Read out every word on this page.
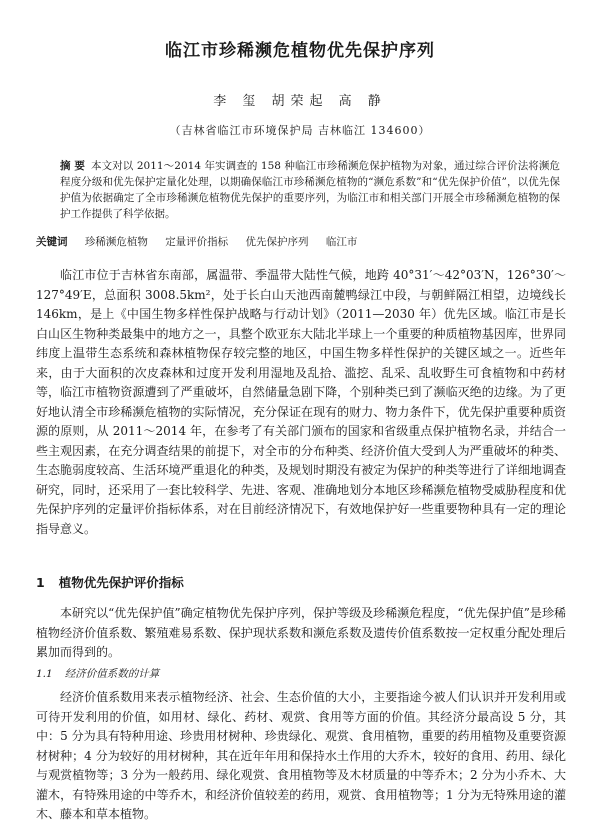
临江市珍稀濒危植物优先保护序列
李 玺 胡荣起 高 静
（吉林省临江市环境保护局 吉林临江 134600）
摘 要 本文对以 2011～2014 年实调查的 158 种临江市珍稀濒危保护植物为对象，通过综合评价法将濒危程度分级和优先保护定量化处理，以期确保临江市珍稀濒危植物的“濒危系数”和“优先保护价值”，以优先保护值为依据确定了全市珍稀濒危植物优先保护的重要序列，为临江市和相关部门开展全市珍稀濒危植物的保护工作提供了科学依据。
关键词 珍稀濒危植物 定量评价指标 优先保护序列 临江市
临江市位于吉林省东南部，属温带、季温带大陆性气候，地跨 40°31′～42°03′N，126°30′～127°49′E，总面积 3008.5km²，处于长白山天池西南麓鸭绿江中段，与朝鲜隔江相望，边境线长 146km，是上《中国生物多样性保护战略与行动计划》（2011—2030 年）优先区域。临江市是长白山区生物种类最集中的地方之一，具整个欧亚东大陆北半球上一个重要的种质植物基因库，世界同纬度上温带生态系统和森林植物保存较完整的地区，中国生物多样性保护的关键区域之一。近些年来，由于大面积的次皮森林和过度开发利用湿地及乱拾、滥挖、乱采、乱收野生可食植物和中药材等，临江市植物资源遭到了严重破坏，自然储量急剧下降，个别种类已到了濒临灭绝的边缘。为了更好地认清全市珍稀濒危植物的实际情况，充分保证在现有的财力、物力条件下，优先保护重要种质资源的原则，从 2011～2014 年，在参考了有关部门颁布的国家和省级重点保护植物名录，并结合一些主观因素，在充分调查结果的前提下，对全市的分布种类、经济价值大受到人为严重破坏的种类、生态脆弱度较高、生活环境严重退化的种类，及规划时期没有被定为保护的种类等进行了详细地调查研究，同时，还采用了一套比较科学、先进、客观、准确地划分本地区珍稀濒危植物受威胁程度和优先保护序列的定量评价指标体系，对在目前经济情况下，有效地保护好一些重要物种具有一定的理论指导意义。
1 植物优先保护评价指标
本研究以“优先保护值”确定植物优先保护序列，保护等级及珍稀濒危程度，“优先保护值”是珍稀植物经济价值系数、繁殖难易系数、保护现状系数和濒危系数及遗传价值系数按一定权重分配处理后累加而得到的。
1.1 经济价值系数的计算
经济价值系数用来表示植物经济、社会、生态价值的大小，主要指途今被人们认识并开发利用或可待开发利用的价值，如用材、绿化、药材、观赏、食用等方面的价值。其经济分最高设 5 分，其中：5 分为具有特种用途、珍贵用材树种、珍贵绿化、观赏、食用植物，重要的药用植物及重要资源材树种；4 分为较好的用材树种，其在近年年用和保持水土作用的大乔木，较好的食用、药用、绿化与观赏植物等；3 分为一般药用、绿化观赏、食用植物等及木材质量的中等乔木；2 分为小乔木、大灌木，有特殊用途的中等乔木，和经济价值较差的药用，观赏、食用植物等；1 分为无特殊用途的灌木、藤本和草本植物。
